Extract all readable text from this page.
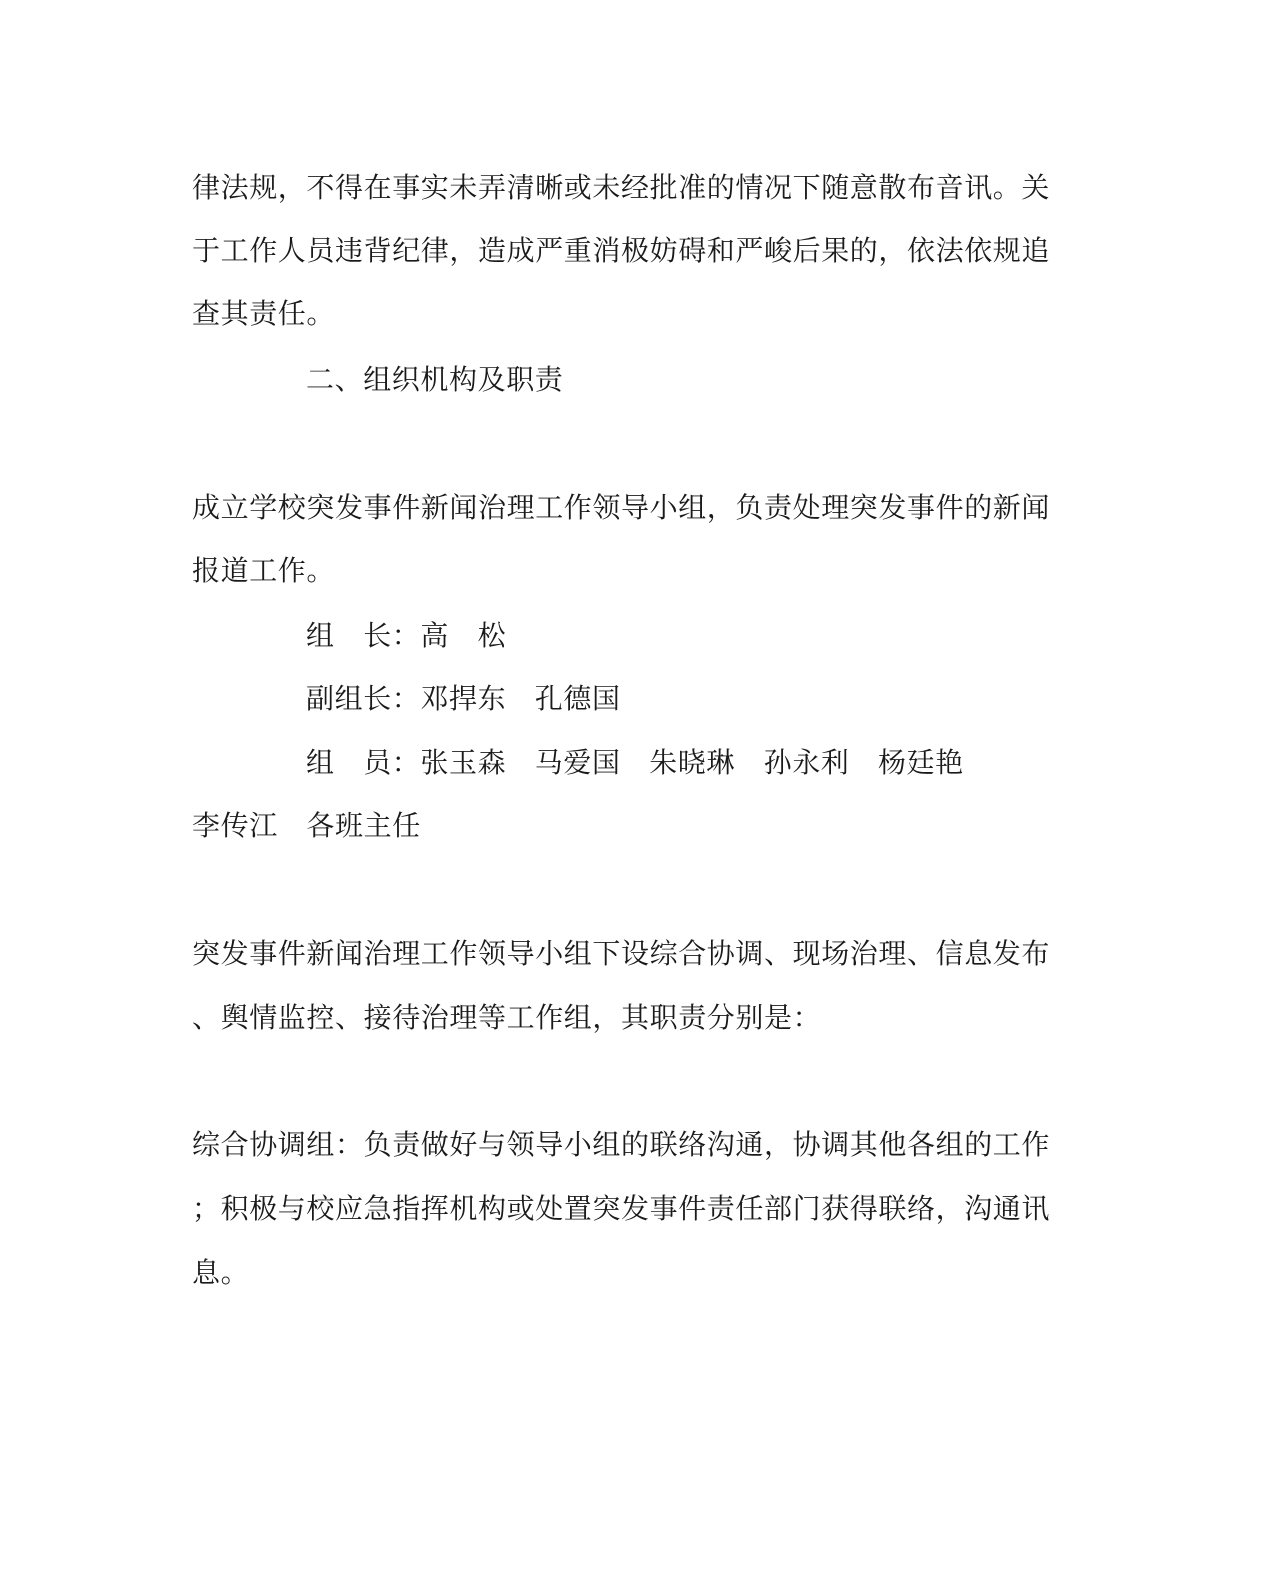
律法规，不得在事实未弄清晰或未经批准的情况下随意散布音讯。关
于工作人员违背纪律，造成严重消极妨碍和严峻后果的，依法依规追
查其责任。
二、组织机构及职责
成立学校突发事件新闻治理工作领导小组，负责处理突发事件的新闻
报道工作。
组　长：高　松
副组长：邓捍东　孔德国
组　员：张玉森　马爱国　朱晓琳　孙永利　杨廷艳
李传江　各班主任
突发事件新闻治理工作领导小组下设综合协调、现场治理、信息发布
、舆情监控、接待治理等工作组，其职责分别是：
综合协调组：负责做好与领导小组的联络沟通，协调其他各组的工作
；积极与校应急指挥机构或处置突发事件责任部门获得联络，沟通讯
息。
